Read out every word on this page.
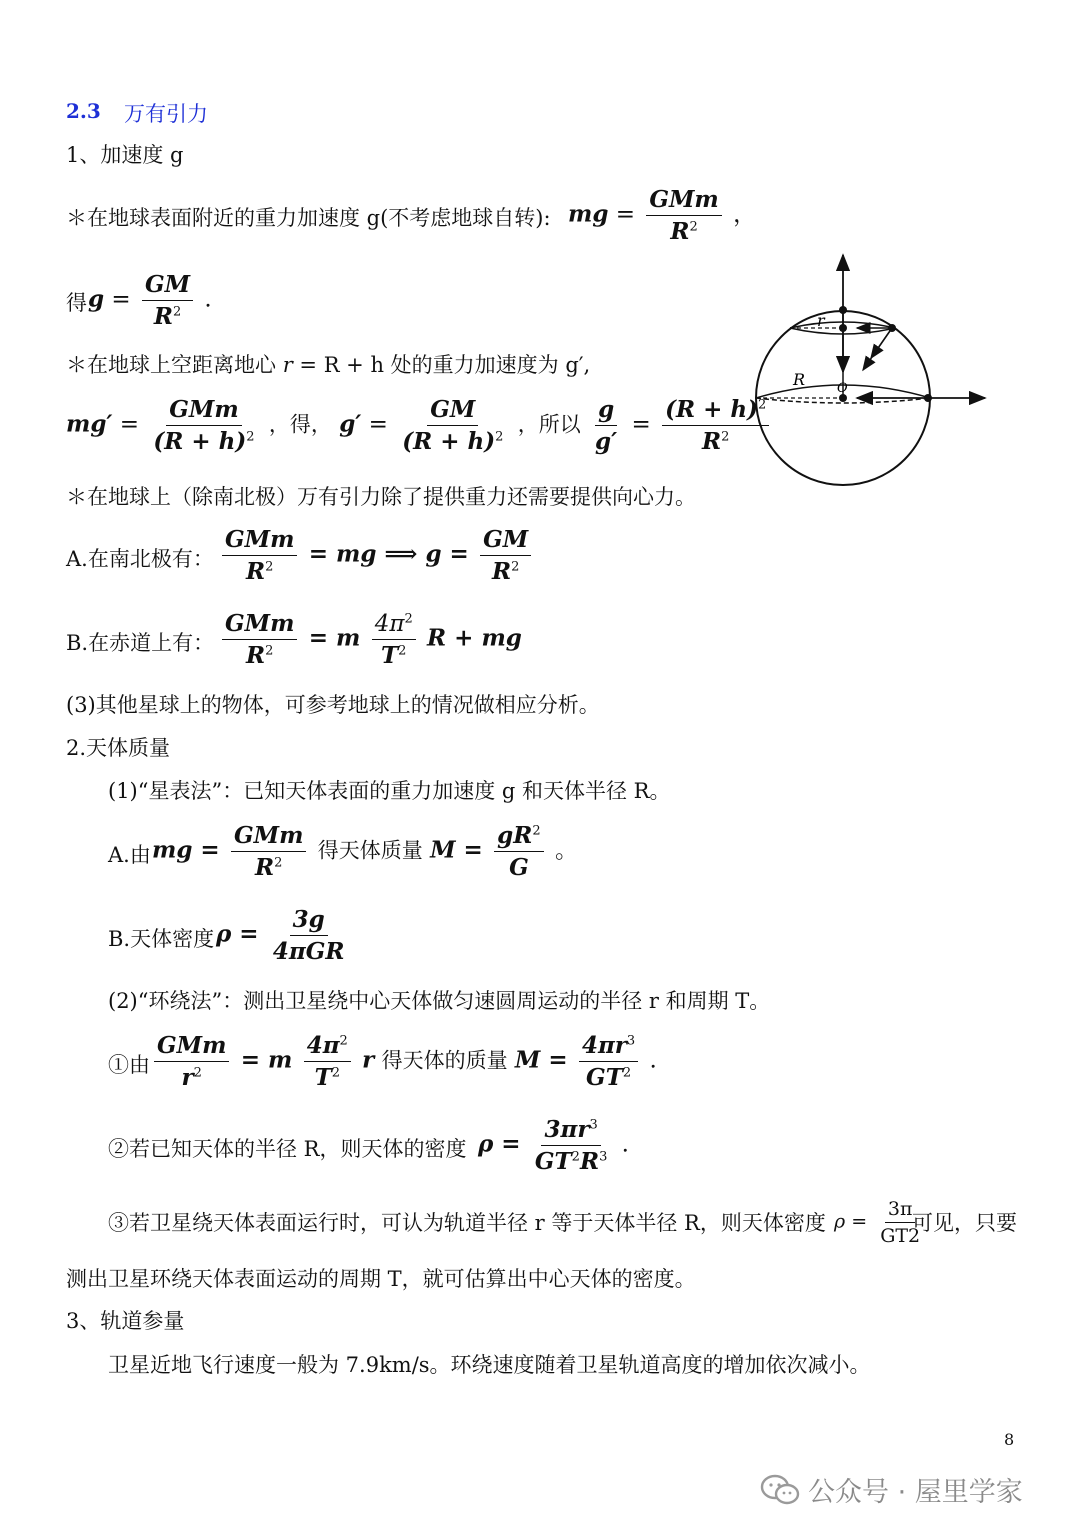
2.3 万有引力
1、加速度 g
＊在地球表面附近的重力加速度 g(不考虑地球自转): mg = $\frac{\text{GMm}}{R^2}$ ，
得 $g = \frac{GM}{R^2}$ .
＊在地球上空距离地心 r = R + h 处的重力加速度为 g′,
$mg' = \frac{\text{GMm}}{(R + h)^2}$ ，得， $g' = \frac{GM}{(R + h)^2}$ ，所以 $\frac{g}{g'} = \frac{(R + h)^2}{R^2}$
＊在地球上（除南北极）万有引力除了提供重力还需要提供向心力。
A.在南北极有： $\frac{\text{GMm}}{R^2}$ = mg ⟹ $g = \frac{GM}{R^2}$
B.在赤道上有： $\frac{\text{GMm}}{R^2} = m \frac{4\pi^2}{T^2}$ R + mg
(3)其他星球上的物体，可参考地球上的情况做相应分析。
2.天体质量
(1)“星表法”：已知天体表面的重力加速度 g 和天体半径 R。
A.由 mg = $\frac{\text{GMm}}{R^2}$ 得天体质量 $M = \frac{gR^2}{G}$ 。
B.天体密度 $\rho = \frac{3g}{\text{4πGR}}$
(2)“环绕法”：测出卫星绕中心天体做匀速圆周运动的半径 r 和周期 T。
①由 $\frac{\text{GMm}}{r^2} = m \frac{4\pi^2}{T^2}$ r 得天体的质量 $M = \frac{4\pi r^3}{GT^2}$ .
②若已知天体的半径 R，则天体的密度 $\rho = \frac{3\pi r^3}{GT^2R^3}$ .
③若卫星绕天体表面运行时，可认为轨道半径 r 等于天体半径 R，则天体密度 $\rho = \frac{3\pi}{GT2}$
可见，只要
测出卫星环绕天体表面运动的周期 T，就可估算出中心天体的密度。
3、轨道参量
卫星近地飞行速度一般为 7.9km/s。环绕速度随着卫星轨道高度的增加依次减小。
8
r
R O
公众号 · 屋里学家
